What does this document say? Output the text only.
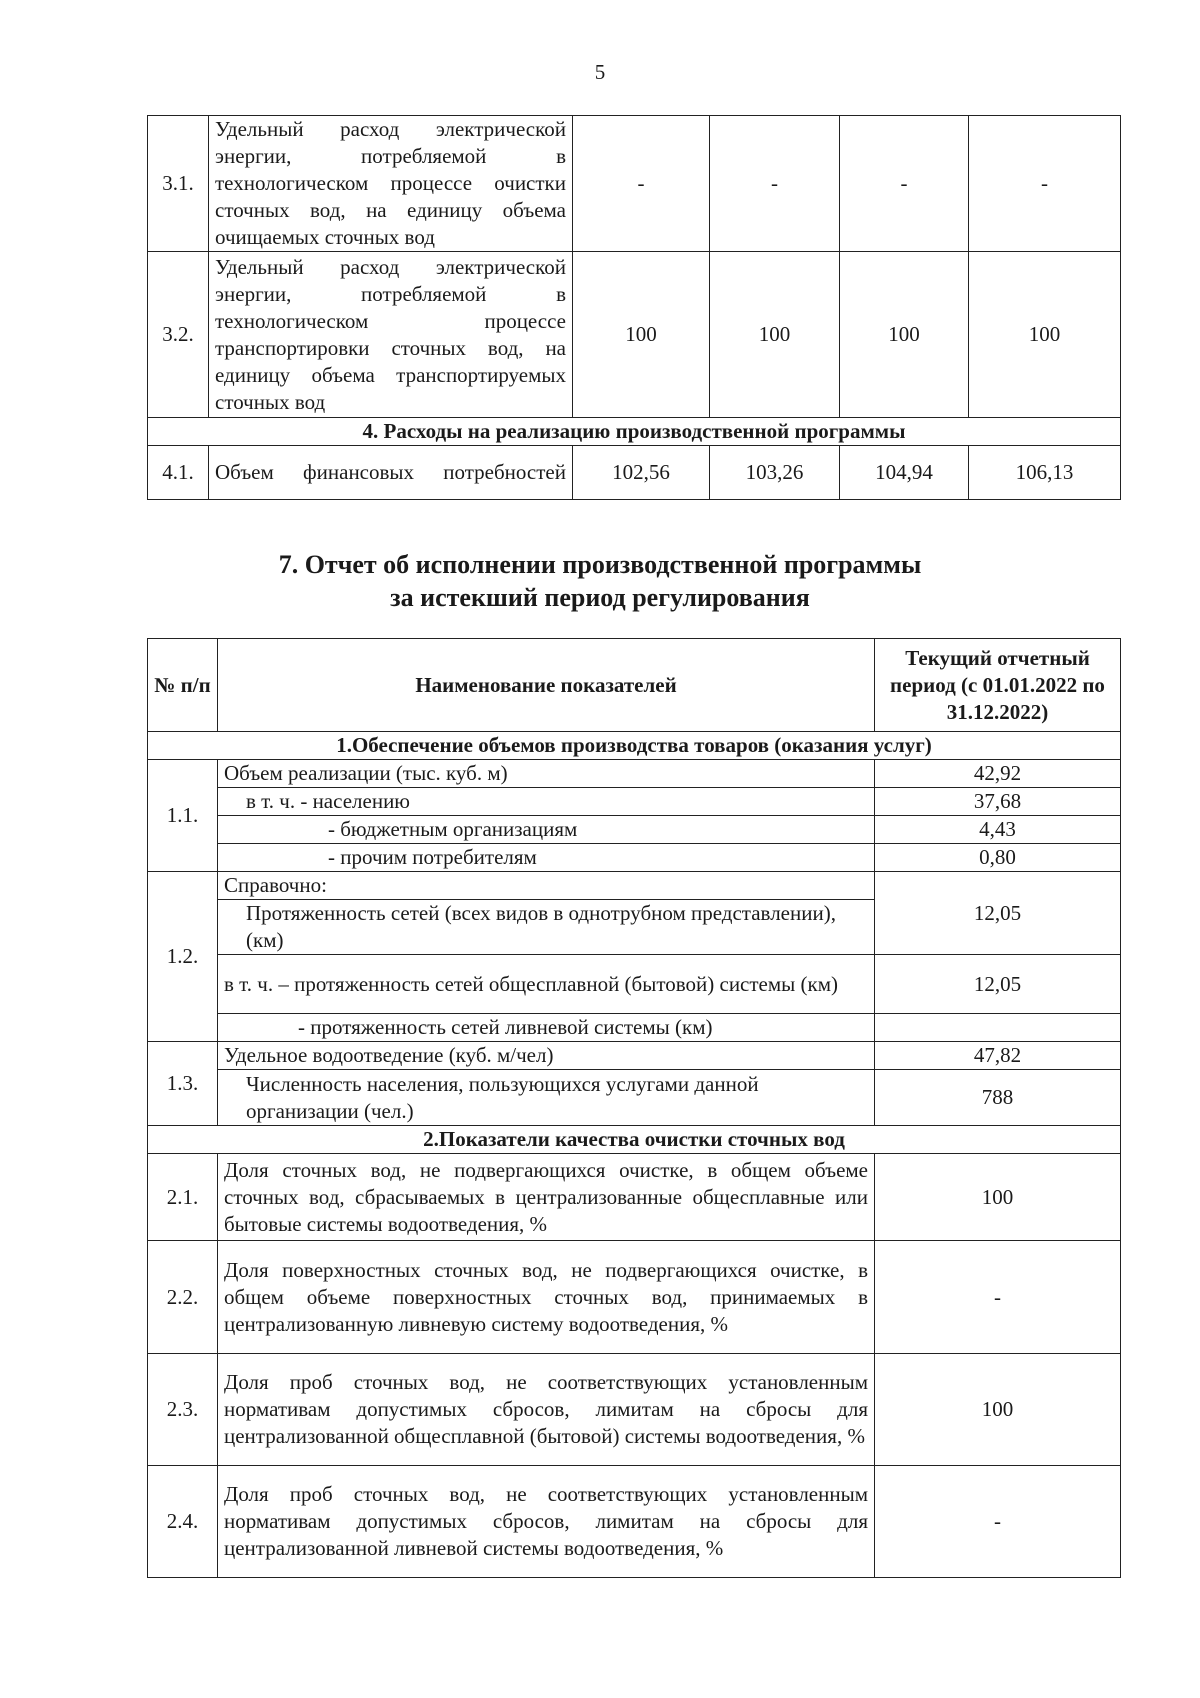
5
3.1.	Удельный расход электрической энергии, потребляемой в технологическом процессе очистки сточных вод, на единицу объема очищаемых сточных вод	-	-	-	-
3.2.	Удельный расход электрической энергии, потребляемой в технологическом процессе транспортировки сточных вод, на единицу объема транспортируемых сточных вод	100	100	100	100
4. Расходы на реализацию производственной программы					
4.1.	Объем финансовых потребностей	102,56	103,26	104,94	106,13
7. Отчет об исполнении производственной программы
за истекший период регулирования
№ п/п	Наименование показателей	Текущий отчетный период (с 01.01.2022 по 31.12.2022)
1.Обеспечение объемов производства товаров (оказания услуг)		
1.1.	Объем реализации (тыс. куб. м)	42,92
	в т. ч. - населению	37,68
	- бюджетным организациям	4,43
	- прочим потребителям	0,80
1.2.	Справочно:	12,05
	Протяженность сетей (всех видов в однотрубном представлении), (км)	
	в т. ч. – протяженность сетей общесплавной (бытовой) системы (км)	12,05
	- протяженность сетей ливневой системы (км)	
1.3.	Удельное водоотведение (куб. м/чел)	47,82
	Численность населения, пользующихся услугами данной организации (чел.)	788
2.Показатели качества очистки сточных вод		
2.1.	Доля сточных вод, не подвергающихся очистке, в общем объеме сточных вод, сбрасываемых в централизованные общесплавные или бытовые системы водоотведения, %	100
2.2.	Доля поверхностных сточных вод, не подвергающихся очистке, в общем объеме поверхностных сточных вод, принимаемых в централизованную ливневую систему водоотведения, %	-
2.3.	Доля проб сточных вод, не соответствующих установленным нормативам допустимых сбросов, лимитам на сбросы для централизованной общесплавной (бытовой) системы водоотведения, %	100
2.4.	Доля проб сточных вод, не соответствующих установленным нормативам допустимых сбросов, лимитам на сбросы для централизованной ливневой системы водоотведения, %	-
